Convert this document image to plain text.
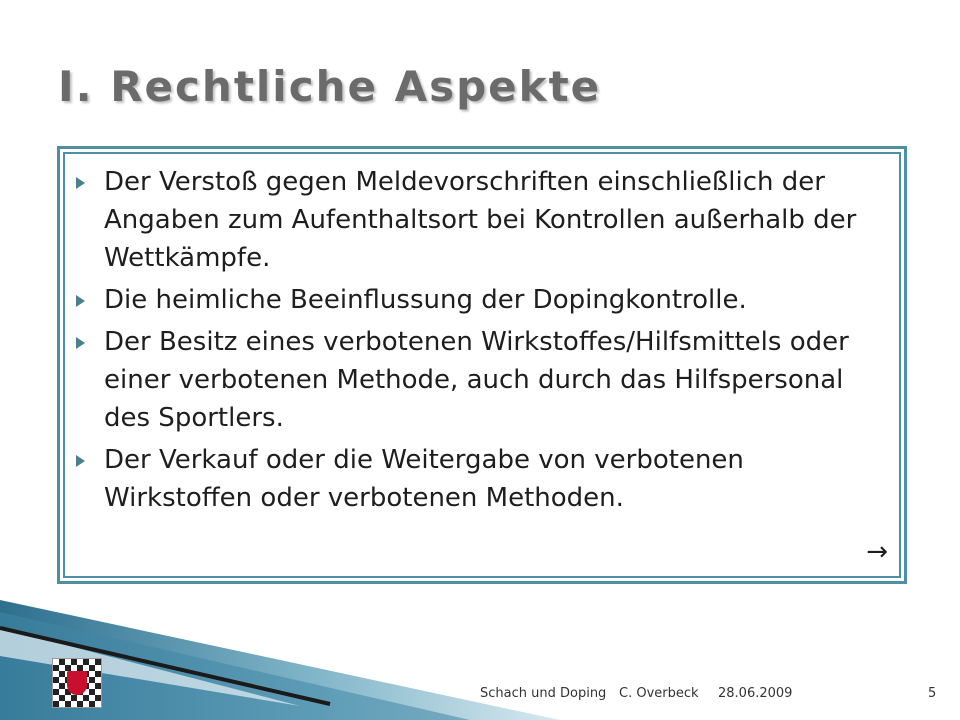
I. Rechtliche Aspekte
Der Verstoß gegen Meldevorschriften einschließlich der Angaben zum Aufenthaltsort bei Kontrollen außerhalb der Wettkämpfe.
Die heimliche Beeinflussung der Dopingkontrolle.
Der Besitz eines verbotenen Wirkstoffes/Hilfsmittels oder einer verbotenen Methode, auch durch das Hilfspersonal des Sportlers.
Der Verkauf oder die Weitergabe von verbotenen Wirkstoffen oder verbotenen Methoden.
→
Schach und Doping C. Overbeck 28.06.2009	5
